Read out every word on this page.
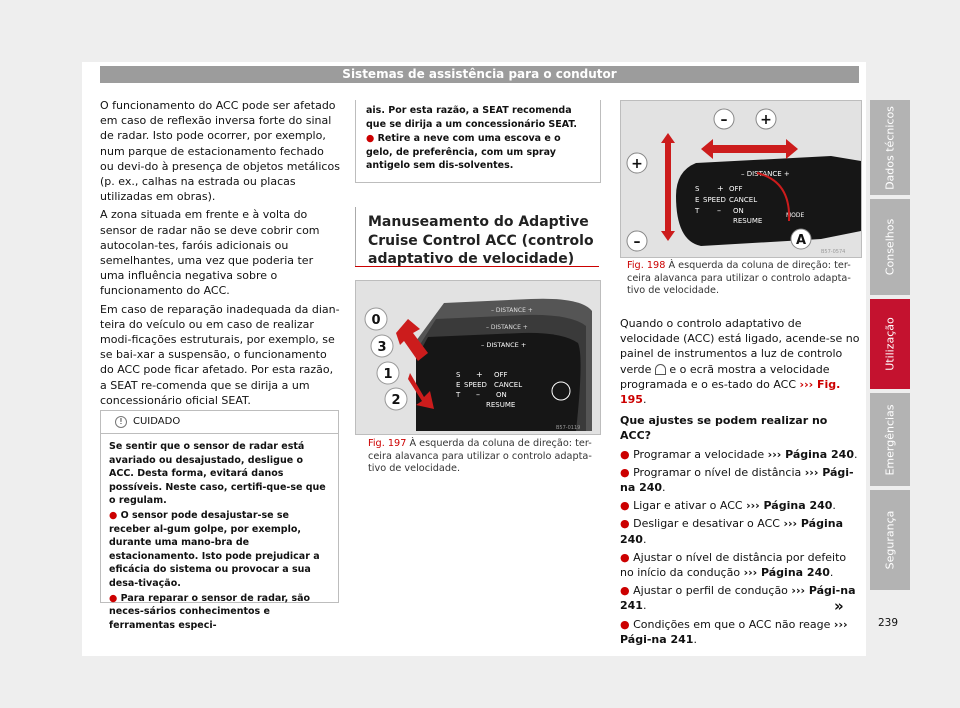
Sistemas de assistência para o condutor

O funcionamento do ACC pode ser afetado em caso de reflexão inversa forte do sinal de radar. Isto pode ocorrer, por exemplo, num parque de estacionamento fechado ou devi-do à presença de objetos metálicos (p. ex., calhas na estrada ou placas utilizadas em obras).

A zona situada em frente e à volta do sensor de radar não se deve cobrir com autocolan-tes, faróis adicionais ou semelhantes, uma vez que poderia ter uma influência negativa sobre o funcionamento do ACC.

Em caso de reparação inadequada da dian-teira do veículo ou em caso de realizar modi-ficações estruturais, por exemplo, se se bai-xar a suspensão, o funcionamento do ACC pode ficar afetado. Por esta razão, a SEAT re-comenda que se dirija a um concessionário oficial SEAT.

!	CUIDADO

Se sentir que o sensor de radar está avariado ou desajustado, desligue o ACC. Desta forma, evitará danos possíveis. Neste caso, certifi-que-se que o regulam.

● O sensor pode desajustar-se se receber al-gum golpe, por exemplo, durante uma mano-bra de estacionamento. Isto pode prejudicar a eficácia do sistema ou provocar a sua desa-tivação.

● Para reparar o sensor de radar, são neces-sários conhecimentos e ferramentas especi-

ais. Por esta razão, a SEAT recomenda que se dirija a um concessionário SEAT.

● Retire a neve com uma escova e o gelo, de preferência, com um spray antigelo sem dis-solventes.

Manuseamento do Adaptive Cruise Control ACC (controlo adaptativo de velocidade)
0
3
1
2
– DISTANCE +
– DISTANCE +
– DISTANCE +
S
E
T
SPEED
+
–
OFF
CANCEL
ON
RESUME
B57-0119
Fig. 197 À esquerda da coluna de direção: ter-ceira alavanca para utilizar o controlo adapta-tivo de velocidade.
– +
+
–	A
– DISTANCE +
S
E
T
SPEED
+
–
OFF
CANCEL
ON
RESUME
MODE
B57-0574
Fig. 198 À esquerda da coluna de direção: ter-ceira alavanca para utilizar o controlo adapta-tivo de velocidade.

Quando o controlo adaptativo de velocidade (ACC) está ligado, acende-se no painel de instrumentos a luz de controlo verde e o ecrã mostra a velocidade programada e o es-tado do ACC ››› Fig. 195.

Que ajustes se podem realizar no ACC?

● Programar a velocidade ››› Página 240.

● Programar o nível de distância ››› Pági-na 240.

● Ligar e ativar o ACC ››› Página 240.

● Desligar e desativar o ACC ››› Página 240.

● Ajustar o nível de distância por defeito no início da condução ››› Página 240.

● Ajustar o perfil de condução ››› Pági-na 241.

● Condições em que o ACC não reage ››› Pági-na 241.

»
Dados técnicos
Conselhos
Utilização
Emergências
Segurança
239
